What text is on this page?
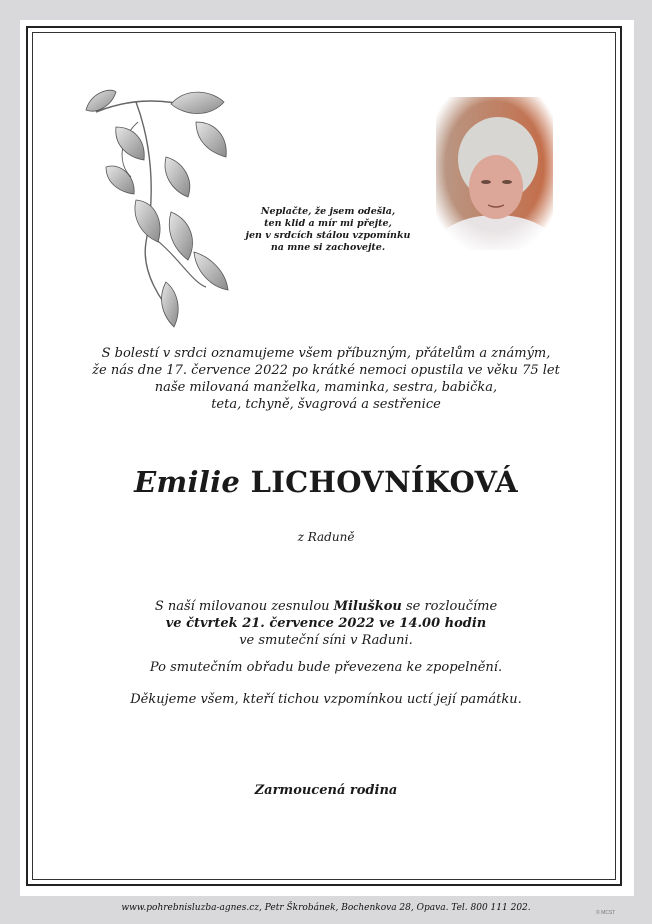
Neplačte, že jsem odešla,
ten klid a mír mi přejte,
jen v srdcích stálou vzpomínku
na mne si zachovejte.
S bolestí v srdci oznamujeme všem příbuzným, přátelům a známým,
že nás dne 17. července 2022 po krátké nemoci opustila ve věku 75 let
naše milovaná manželka, maminka, sestra, babička,
teta, tchyně, švagrová a sestřenice
Emilie LICHOVNÍKOVÁ
z Raduně
S naší milovanou zesnulou Miluškou se rozloučíme
ve čtvrtek 21. července 2022 ve 14.00 hodin
ve smuteční síni v Raduni.
Po smutečním obřadu bude převezena ke zpopelnění.
Děkujeme všem, kteří tichou vzpomínkou uctí její památku.
Zarmoucená rodina
www.pohrebnisluzba-agnes.cz, Petr Škrobánek, Bochenkova 28, Opava. Tel. 800 111 202.	© MCST
